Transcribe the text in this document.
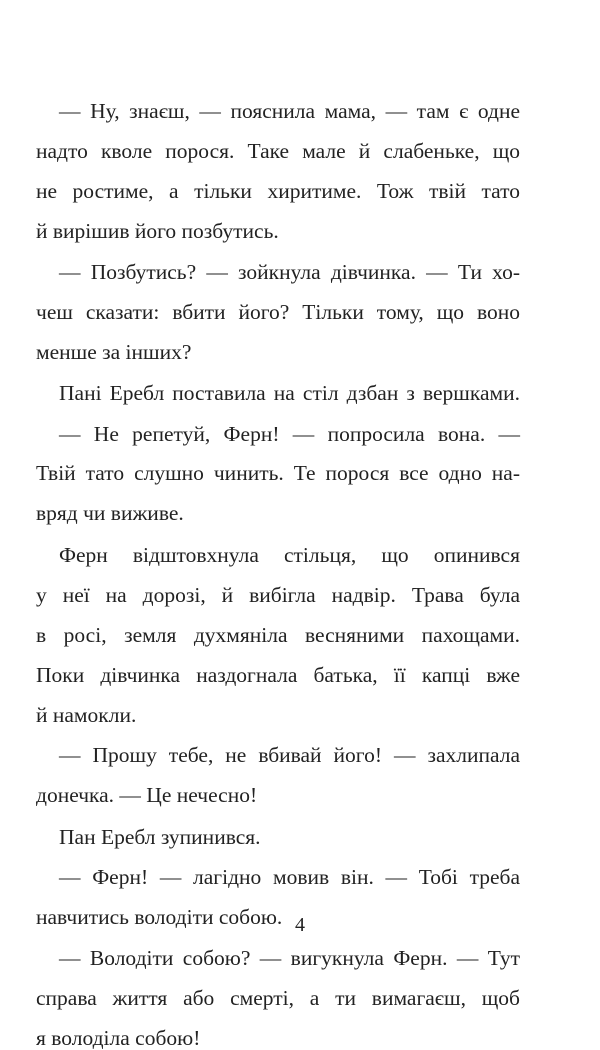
— Ну, знаєш, — пояснила мама, — там є одне
надто кволе порося. Таке мале й слабеньке, що
не ростиме, а тільки хиритиме. Тож твій тато
й вирішив його позбутись.
— Позбутись? — зойкнула дівчинка. — Ти хо-
чеш сказати: вбити його? Тільки тому, що воно
менше за інших?
Пані Еребл поставила на стіл дзбан з вершками.
— Не репетуй, Ферн! — попросила вона. —
Твій тато слушно чинить. Те порося все одно на-
вряд чи виживе.
Ферн відштовхнула стільця, що опинився
у неї на дорозі, й вибігла надвір. Трава була
в росі, земля духмяніла весняними пахощами.
Поки дівчинка наздогнала батька, її капці вже
й намокли.
— Прошу тебе, не вбивай його! — захлипала
донечка. — Це нечесно!
Пан Еребл зупинився.
— Ферн! — лагідно мовив він. — Тобі треба
навчитись володіти собою.
— Володіти собою? — вигукнула Ферн. — Тут
справа життя або смерті, а ти вимагаєш, щоб
я володіла собою!
4
